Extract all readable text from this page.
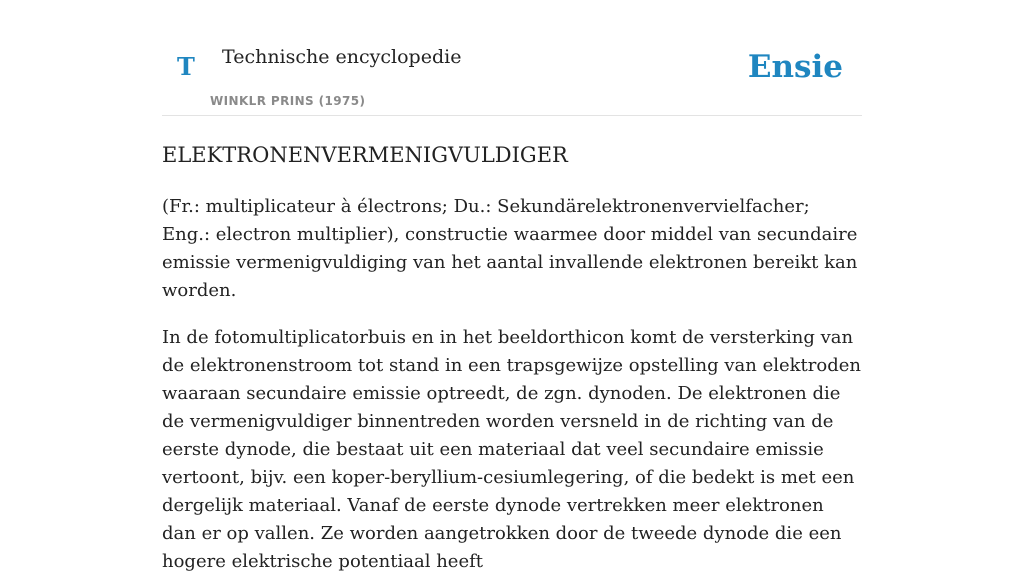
T Technische encyclopedie
WINKLR PRINS (1975)
Ensie
ELEKTRONENVERMENIGVULDIGER

(Fr.: multiplicateur à électrons; Du.: Sekundärelektronenvervielfacher; Eng.: electron multiplier), constructie waarmee door middel van secundaire emissie vermenigvuldiging van het aantal invallende elektronen bereikt kan worden.

In de fotomultiplicatorbuis en in het beeldorthicon komt de versterking van de elektronenstroom tot stand in een trapsgewijze opstelling van elektroden waaraan secundaire emissie optreedt, de zgn. dynoden. De elektronen die de vermenigvuldiger binnentreden worden versneld in de richting van de eerste dynode, die bestaat uit een materiaal dat veel secundaire emissie vertoont, bijv. een koper-beryllium-cesiumlegering, of die bedekt is met een dergelijk materiaal. Vanaf de eerste dynode vertrekken meer elektronen dan er op vallen. Ze worden aangetrokken door de tweede dynode die een hogere elektrische potentiaal heeft
